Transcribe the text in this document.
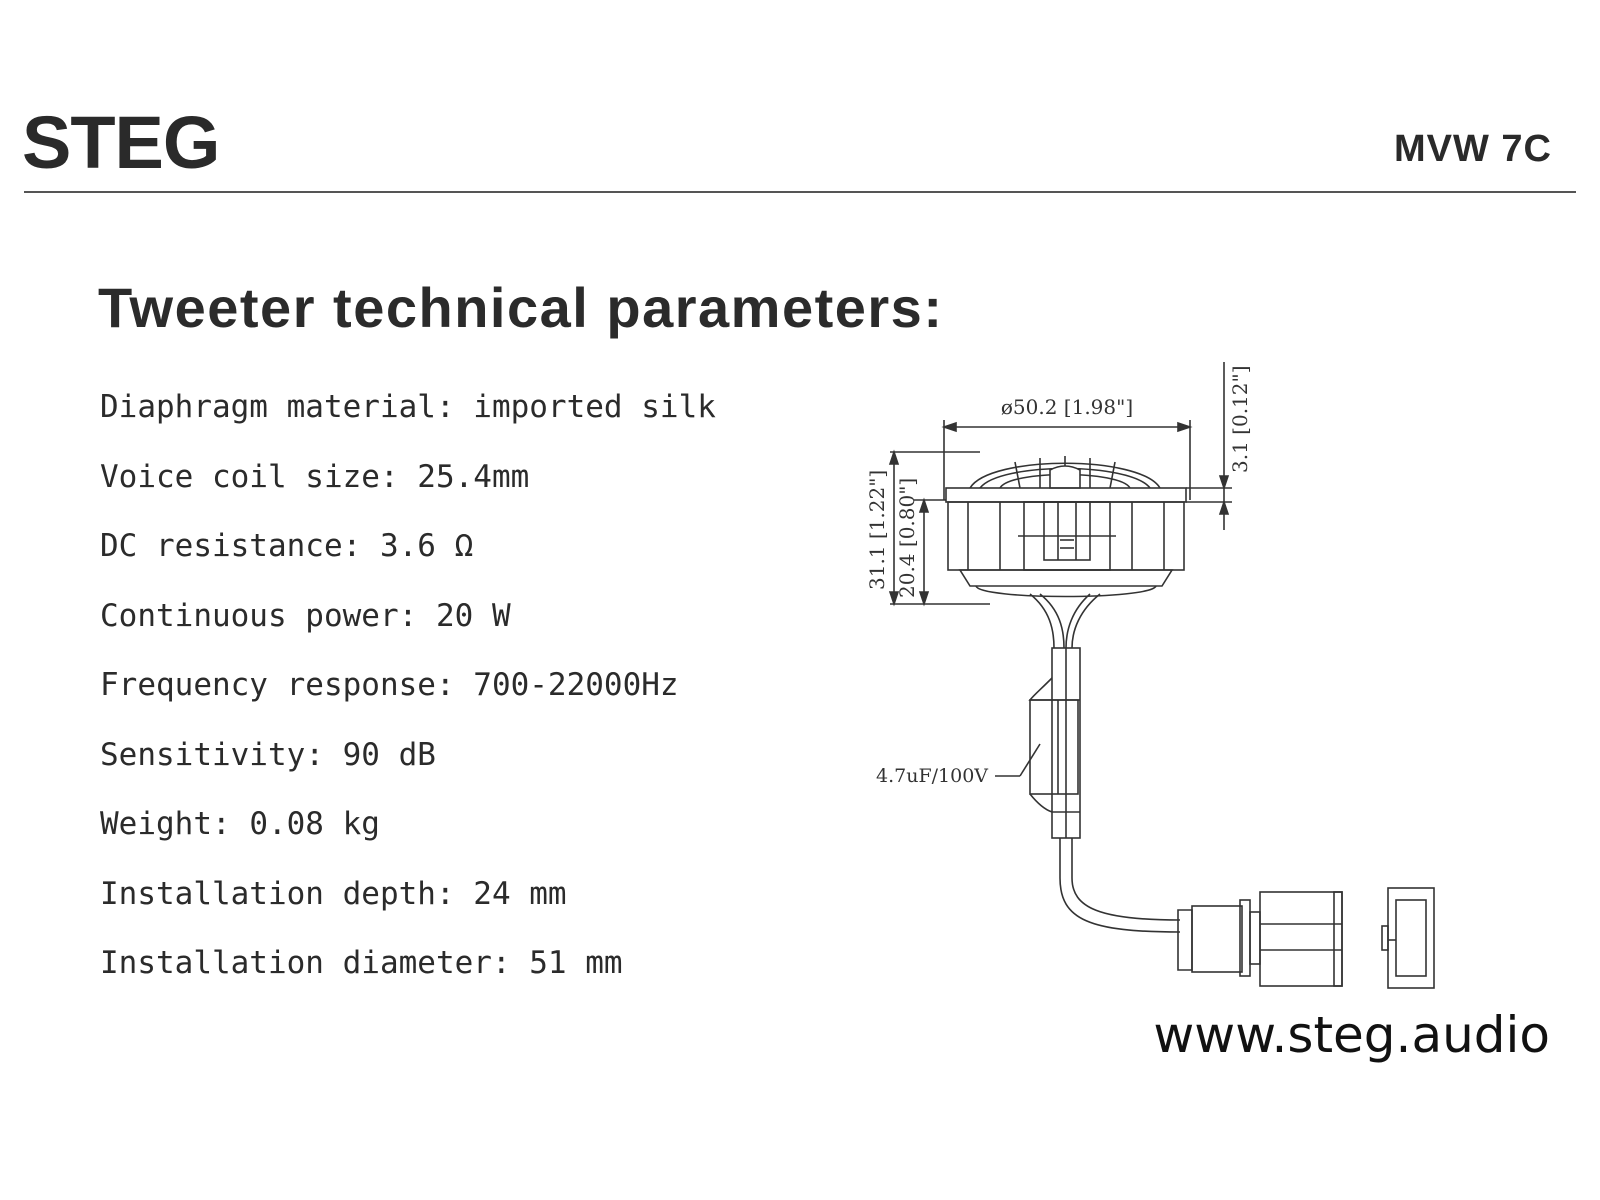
STEG	MVW 7C
Tweeter technical parameters:
Diaphragm material: imported silk
Voice coil size: 25.4mm
DC resistance: 3.6 Ω
Continuous power: 20 W
Frequency response: 700-22000Hz
Sensitivity: 90 dB
Weight: 0.08 kg
Installation depth: 24 mm
Installation diameter: 51 mm
ø50.2 [1.98"]	3.1 [0.12"]
31.1 [1.22"] 20.4 [0.80"]
4.7uF/100V
www.steg.audio
